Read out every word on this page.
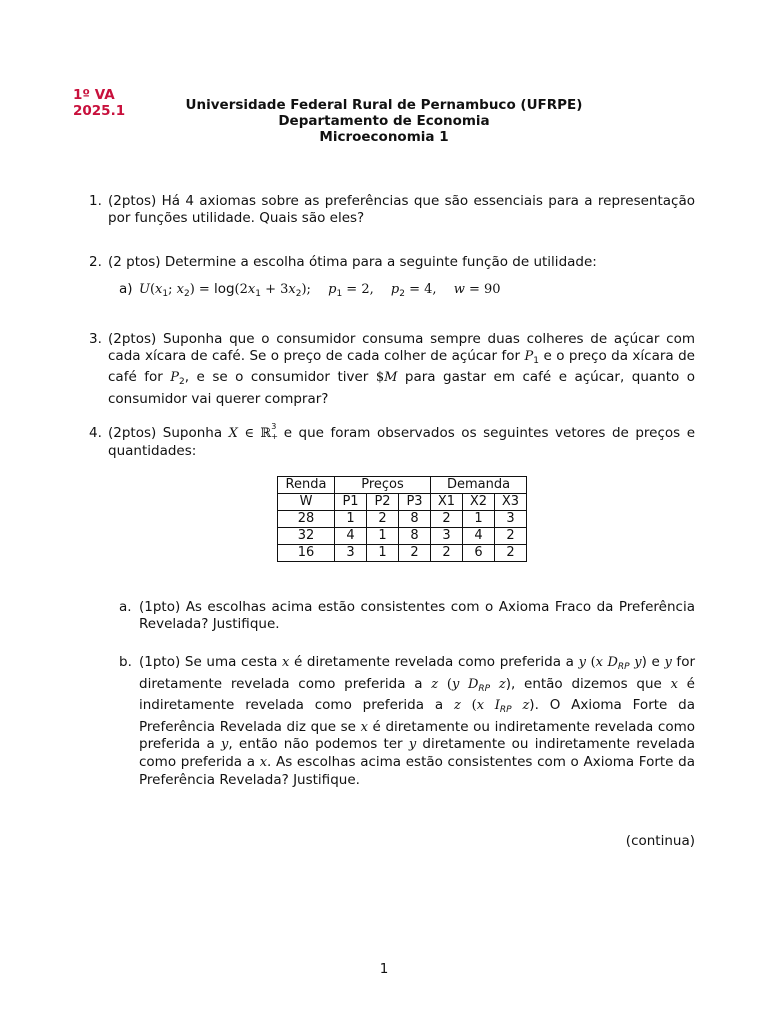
1º VA
2025.1	Universidade Federal Rural de Pernambuco (UFRPE)
Departamento de Economia
Microeconomia 1
1. (2ptos) Há 4 axiomas sobre as preferências que são essenciais para a representação por funções utilidade. Quais são eles?
2. (2 ptos) Determine a escolha ótima para a seguinte função de utilidade:
a) $U(x_1$; $x_2) = \log(2x_1 + 3x_2)$; $p_1 = 2$, $p_2 = 4$, w = 90
3. (2ptos) Suponha que o consumidor consuma sempre duas colheres de açúcar com cada xícara de café. Se o preço de cada colher de açúcar for $P_1$ e o preço da xícara de café for $P_2$, e se o consumidor tiver $M para gastar em café e açúcar, quanto o consumidor vai querer comprar?
4. (2ptos) Suponha X ∈ ℝ 3
+ e que foram observados os seguintes vetores de preços e quantidades:
Renda	Preços			Demanda		
W	P1	P2	P3	X1	X2	X3
28	1	2	8	2	1	3
32	4	1	8	3	4	2
16	3	1	2	2	6	2
a. (1pto) As escolhas acima estão consistentes com o Axioma Fraco da Preferência Revelada? Justifique.
b. (1pto) Se uma cesta x é diretamente revelada como preferida a y (x $D_{RP}$ y) e y for diretamente revelada como preferida a z (y $D_{RP}$ z), então dizemos que x é indiretamente revelada como preferida a z (x $I_{RP}$ z). O Axioma Forte da Preferência Revelada diz que se x é diretamente ou indiretamente revelada como preferida a y, então não podemos ter y diretamente ou indiretamente revelada como preferida a x. As escolhas acima estão consistentes com o Axioma Forte da Preferência Revelada? Justifique.
(continua)
1
